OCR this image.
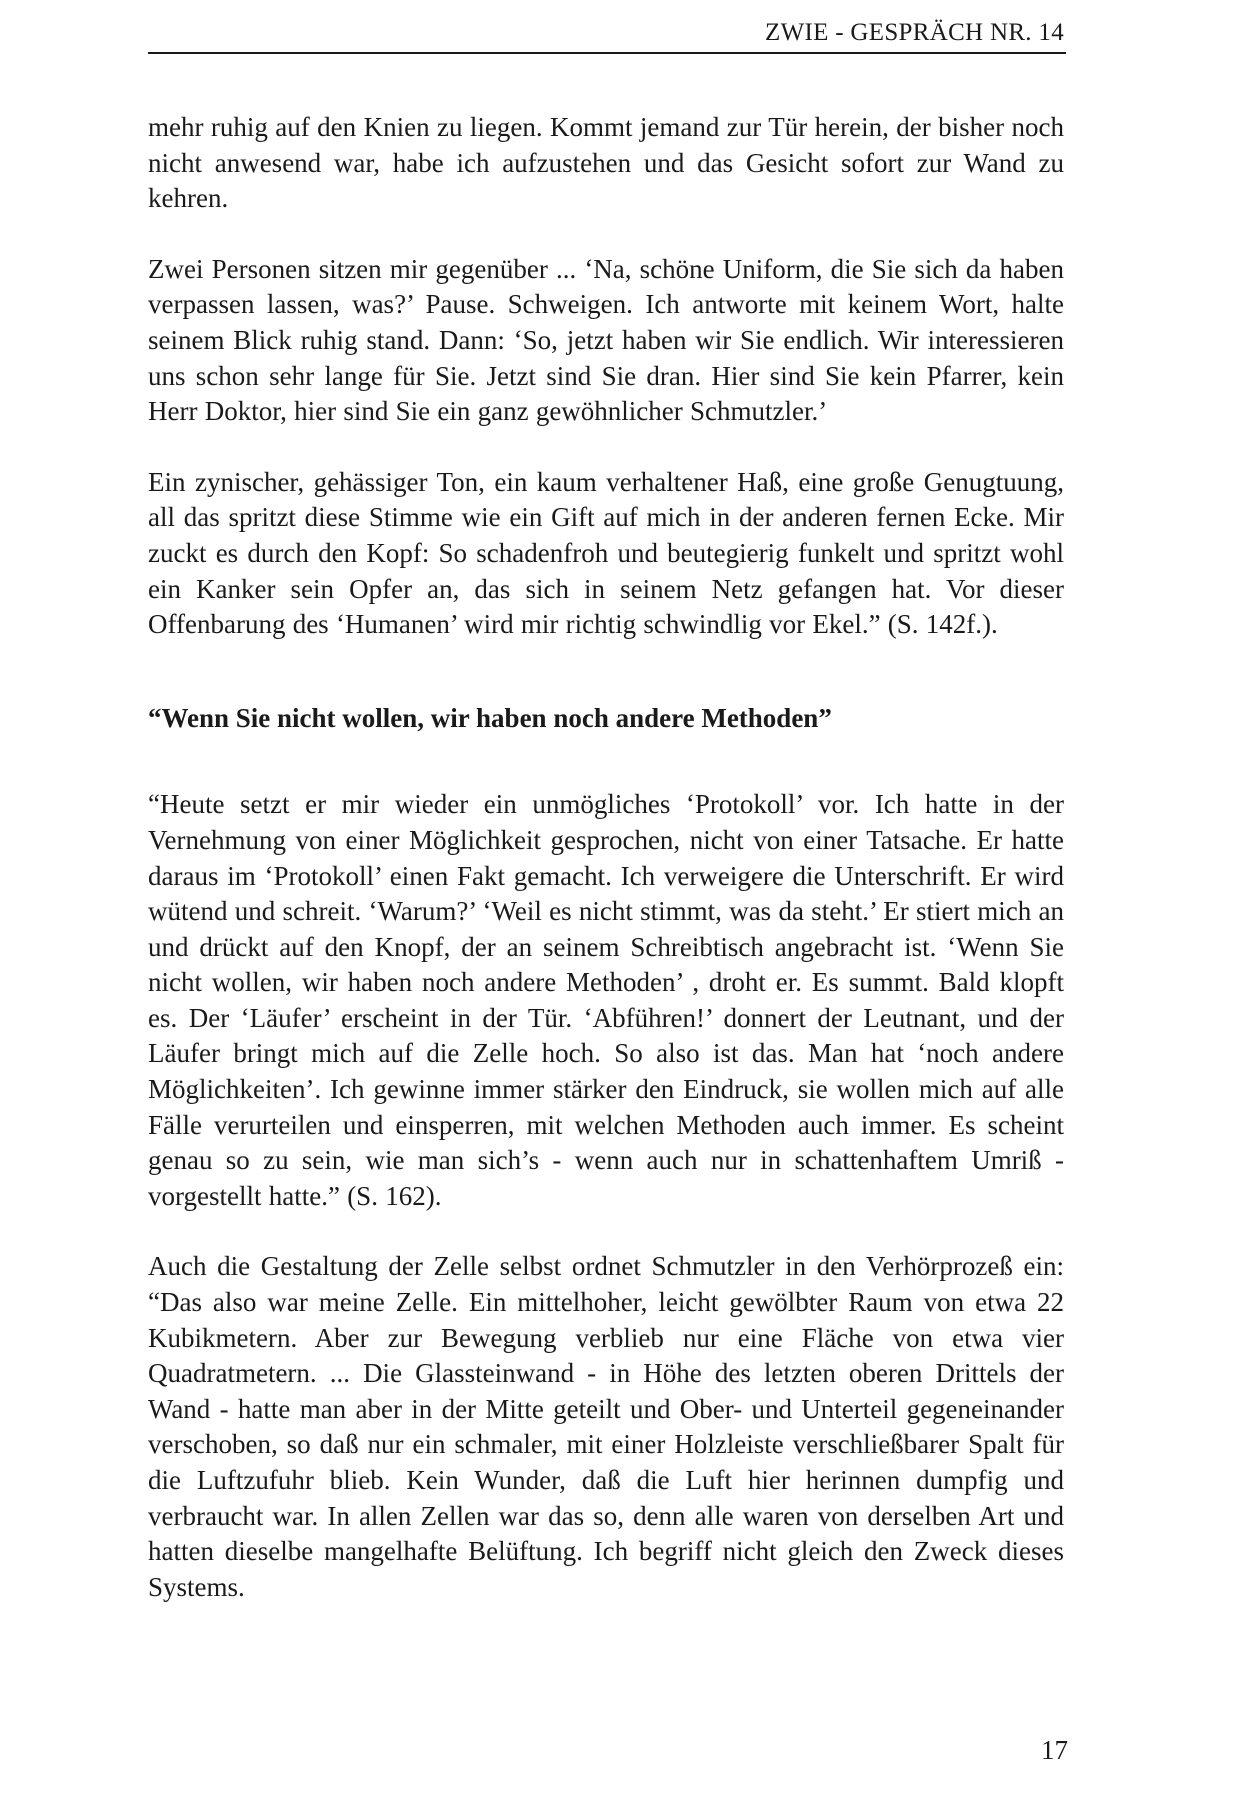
ZWIE - GESPRÄCH NR. 14

mehr ruhig auf den Knien zu liegen. Kommt jemand zur Tür herein, der bisher noch nicht anwesend war, habe ich aufzustehen und das Gesicht sofort zur Wand zu kehren.

Zwei Personen sitzen mir gegenüber ... ‘Na, schöne Uniform, die Sie sich da haben verpassen lassen, was?’ Pause. Schweigen. Ich antworte mit keinem Wort, halte seinem Blick ruhig stand. Dann: ‘So, jetzt haben wir Sie endlich. Wir interessieren uns schon sehr lange für Sie. Jetzt sind Sie dran. Hier sind Sie kein Pfarrer, kein Herr Doktor, hier sind Sie ein ganz gewöhnlicher Schmutzler.’

Ein zynischer, gehässiger Ton, ein kaum verhaltener Haß, eine große Genugtuung, all das spritzt diese Stimme wie ein Gift auf mich in der anderen fernen Ecke. Mir zuckt es durch den Kopf: So schadenfroh und beutegierig funkelt und spritzt wohl ein Kanker sein Opfer an, das sich in seinem Netz gefangen hat. Vor dieser Offenbarung des ‘Humanen’ wird mir richtig schwindlig vor Ekel.” (S. 142f.).

“Wenn Sie nicht wollen, wir haben noch andere Methoden”

“Heute setzt er mir wieder ein unmögliches ‘Protokoll’ vor. Ich hatte in der Vernehmung von einer Möglichkeit gesprochen, nicht von einer Tatsache. Er hatte daraus im ‘Protokoll’ einen Fakt gemacht. Ich verweigere die Unterschrift. Er wird wütend und schreit. ‘Warum?’ ‘Weil es nicht stimmt, was da steht.’ Er stiert mich an und drückt auf den Knopf, der an seinem Schreibtisch angebracht ist. ‘Wenn Sie nicht wollen, wir haben noch andere Methoden’ , droht er. Es summt. Bald klopft es. Der ‘Läufer’ erscheint in der Tür. ‘Abführen!’ donnert der Leutnant, und der Läufer bringt mich auf die Zelle hoch. So also ist das. Man hat ‘noch andere Möglichkeiten’. Ich gewinne immer stärker den Eindruck, sie wollen mich auf alle Fälle verurteilen und einsperren, mit welchen Methoden auch immer. Es scheint genau so zu sein, wie man sich’s - wenn auch nur in schattenhaftem Umriß - vorgestellt hatte.” (S. 162).

Auch die Gestaltung der Zelle selbst ordnet Schmutzler in den Verhörprozeß ein: “Das also war meine Zelle. Ein mittelhoher, leicht gewölbter Raum von etwa 22 Kubikmetern. Aber zur Bewegung verblieb nur eine Fläche von etwa vier Quadratmetern. ... Die Glassteinwand - in Höhe des letzten oberen Drittels der Wand - hatte man aber in der Mitte geteilt und Ober- und Unterteil gegeneinander verschoben, so daß nur ein schmaler, mit einer Holzleiste verschließbarer Spalt für die Luftzufuhr blieb. Kein Wunder, daß die Luft hier herinnen dumpfig und verbraucht war. In allen Zellen war das so, denn alle waren von derselben Art und hatten dieselbe mangelhafte Belüftung. Ich begriff nicht gleich den Zweck dieses Systems.

17
